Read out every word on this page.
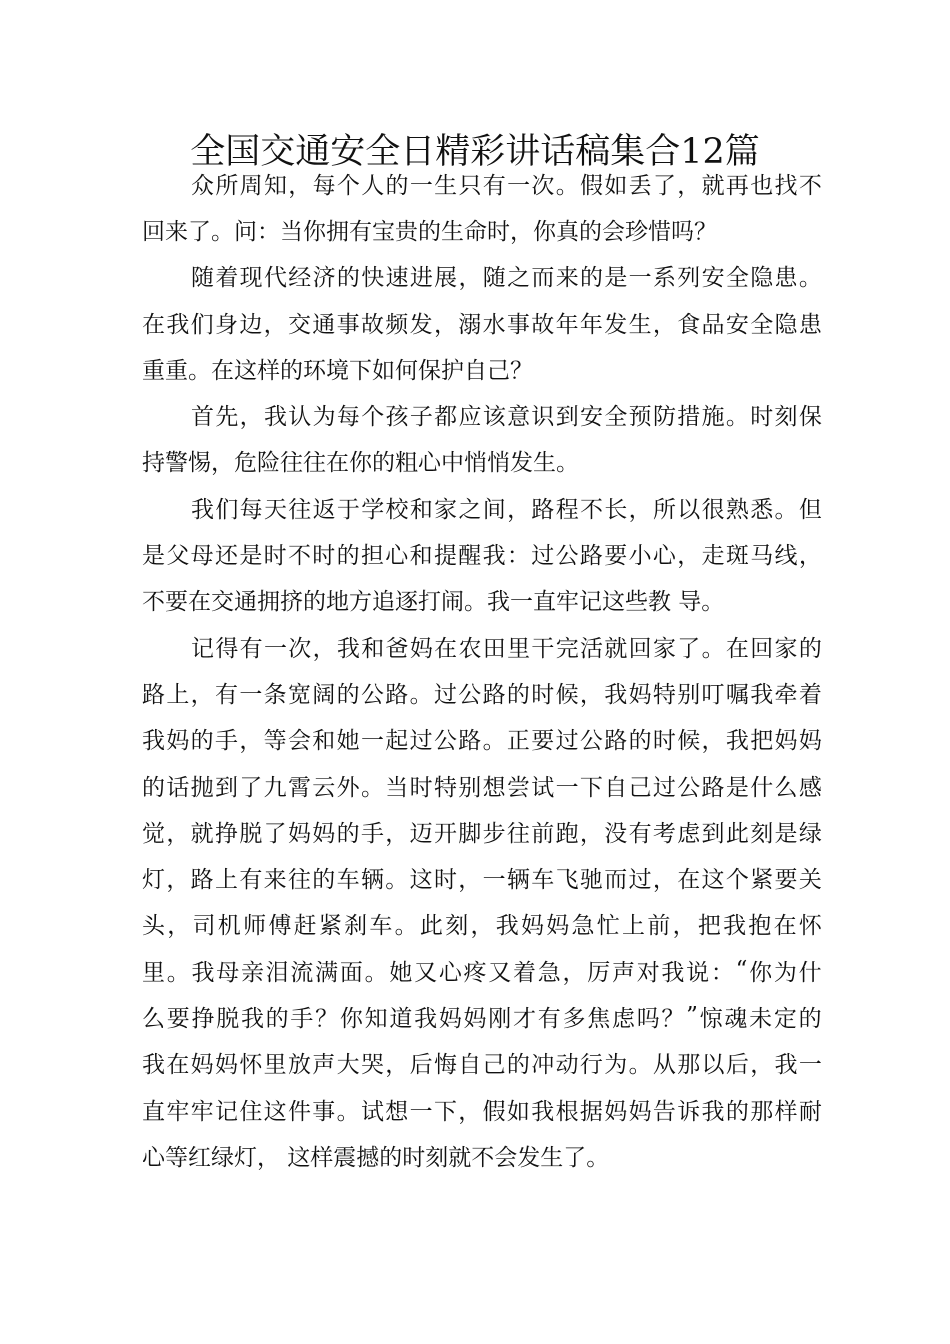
全国交通安全日精彩讲话稿集合12篇
众 所 周 知 ， 每 个 人 的 一 生 只 有 一 次 。 假 如 丢 了 ， 就 再 也 找 不
回来了。问：当你拥有宝贵的生命时，你真的会珍惜吗？
随 着 现 代 经 济 的 快 速 进 展 ， 随 之 而 来 的 是 一 系 列 安 全 隐 患 。
在 我 们 身 边 ， 交 通 事 故 频 发 ， 溺 水 事 故 年 年 发 生 ， 食 品 安 全 隐 患
重重。在这样的环境下如何保护自己？
首 先 ， 我 认 为 每 个 孩 子 都 应 该 意 识 到 安 全 预 防 措 施 。 时 刻 保
持警惕，危险往往在你的粗心中悄悄发生。
我 们 每 天 往 返 于 学 校 和 家 之 间 ， 路 程 不 长 ， 所 以 很 熟 悉 。 但
是 父 母 还 是 时 不 时 的 担 心 和 提 醒 我 ： 过 公 路 要 小 心 ， 走 斑 马 线 ，
不要在交通拥挤的地方追逐打闹。我一直牢记这些教 导。
记 得 有 一 次 ， 我 和 爸 妈 在 农 田 里 干 完 活 就 回 家 了 。 在 回 家 的
路 上 ， 有 一 条 宽 阔 的 公 路 。 过 公 路 的 时 候 ， 我 妈 特 别 叮 嘱 我 牵 着
我 妈 的 手 ， 等 会 和 她 一 起 过 公 路 。 正 要 过 公 路 的 时 候 ， 我 把 妈 妈
的 话 抛 到 了 九 霄 云 外 。 当 时 特 别 想 尝 试 一 下 自 己 过 公 路 是 什 么 感
觉 ， 就 挣 脱 了 妈 妈 的 手 ， 迈 开 脚 步 往 前 跑 ， 没 有 考 虑 到 此 刻 是 绿
灯 ， 路 上 有 来 往 的 车 辆 。 这 时 ， 一 辆 车 飞 驰 而 过 ， 在 这 个 紧 要 关
头 ， 司 机 师 傅 赶 紧 刹 车 。 此 刻 ， 我 妈 妈 急 忙 上 前 ， 把 我 抱 在 怀
里 。 我 母 亲 泪 流 满 面 。 她 又 心 疼 又 着 急 ， 厉 声 对 我 说 ： “ 你 为 什
么 要 挣 脱 我 的 手 ？ 你 知 道 我 妈 妈 刚 才 有 多 焦 虑 吗 ？ ” 惊 魂 未 定 的
我 在 妈 妈 怀 里 放 声 大 哭 ， 后 悔 自 己 的 冲 动 行 为 。 从 那 以 后 ， 我 一
直 牢 牢 记 住 这 件 事 。 试 想 一 下 ， 假 如 我 根 据 妈 妈 告 诉 我 的 那 样 耐
心等红绿灯， 这样震撼的时刻就不会发生了。
